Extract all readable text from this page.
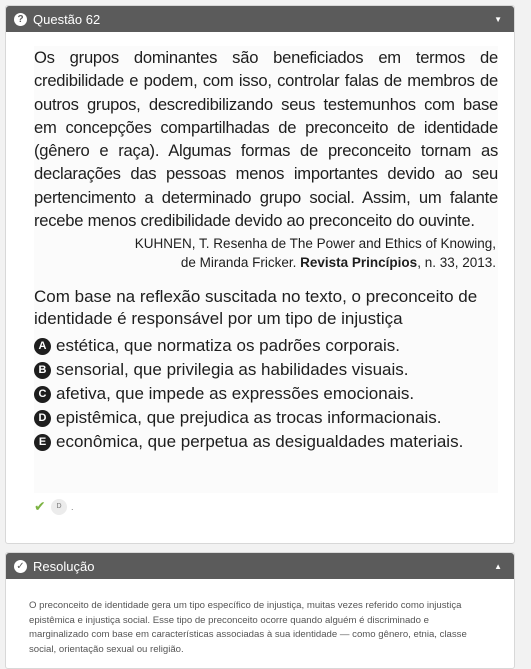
? Questão 62	▼

Os grupos dominantes são beneficiados em termos de credibilidade e podem, com isso, controlar falas de membros de outros grupos, descredibilizando seus testemunhos com base em concepções compartilhadas de preconceito de identidade (gênero e raça). Algumas formas de preconceito tornam as declarações das pessoas menos importantes devido ao seu pertencimento a determinado grupo social. Assim, um falante recebe menos credibilidade devido ao preconceito do ouvinte.

KUHNEN, T. Resenha de The Power and Ethics of Knowing,
de Miranda Fricker. Revista Princípios, n. 33, 2013.
Com base na reflexão suscitada no texto, o preconceito de identidade é responsável por um tipo de injustiça
A estética, que normatiza os padrões corporais.
B sensorial, que privilegia as habilidades visuais.
C afetiva, que impede as expressões emocionais.
D epistêmica, que prejudica as trocas informacionais.
E econômica, que perpetua as desigualdades materiais.
✔	D	.
✓ Resolução	▲
O preconceito de identidade gera um tipo específico de injustiça, muitas vezes referido como injustiça epistêmica e injustiça social. Esse tipo de preconceito ocorre quando alguém é discriminado e marginalizado com base em características associadas à sua identidade — como gênero, etnia, classe social, orientação sexual ou religião.
